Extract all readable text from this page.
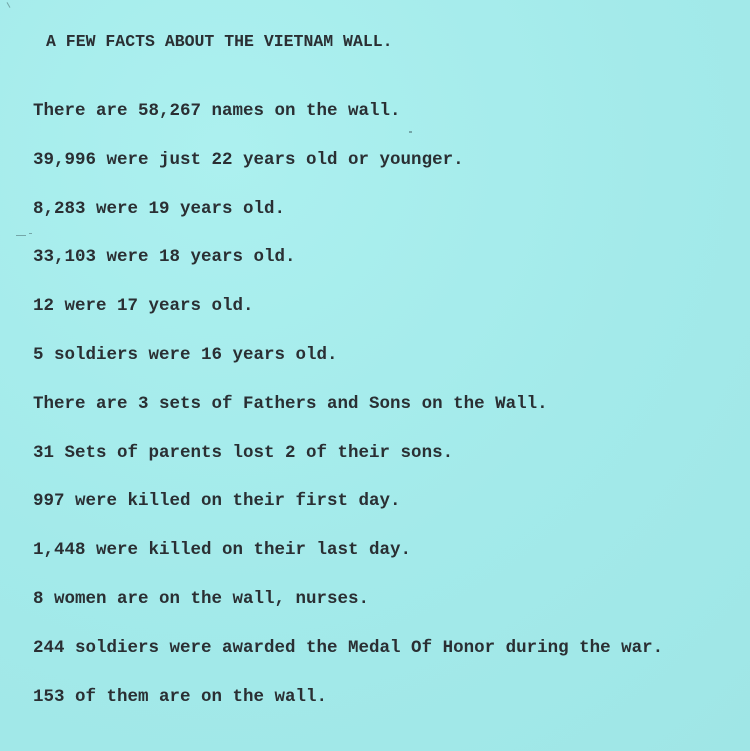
A FEW FACTS ABOUT THE VIETNAM WALL.
There are 58,267 names on the wall.
39,996 were just 22 years old or younger.
8,283 were 19 years old.
33,103 were 18 years old.
12 were 17 years old.
5 soldiers were 16 years old.
There are 3 sets of Fathers and Sons on the Wall.
31 Sets of parents lost 2 of their sons.
997 were killed on their first day.
1,448 were killed on their last day.
8 women are on the wall, nurses.
244 soldiers were awarded the Medal Of Honor during the war.
153 of them are on the wall.
